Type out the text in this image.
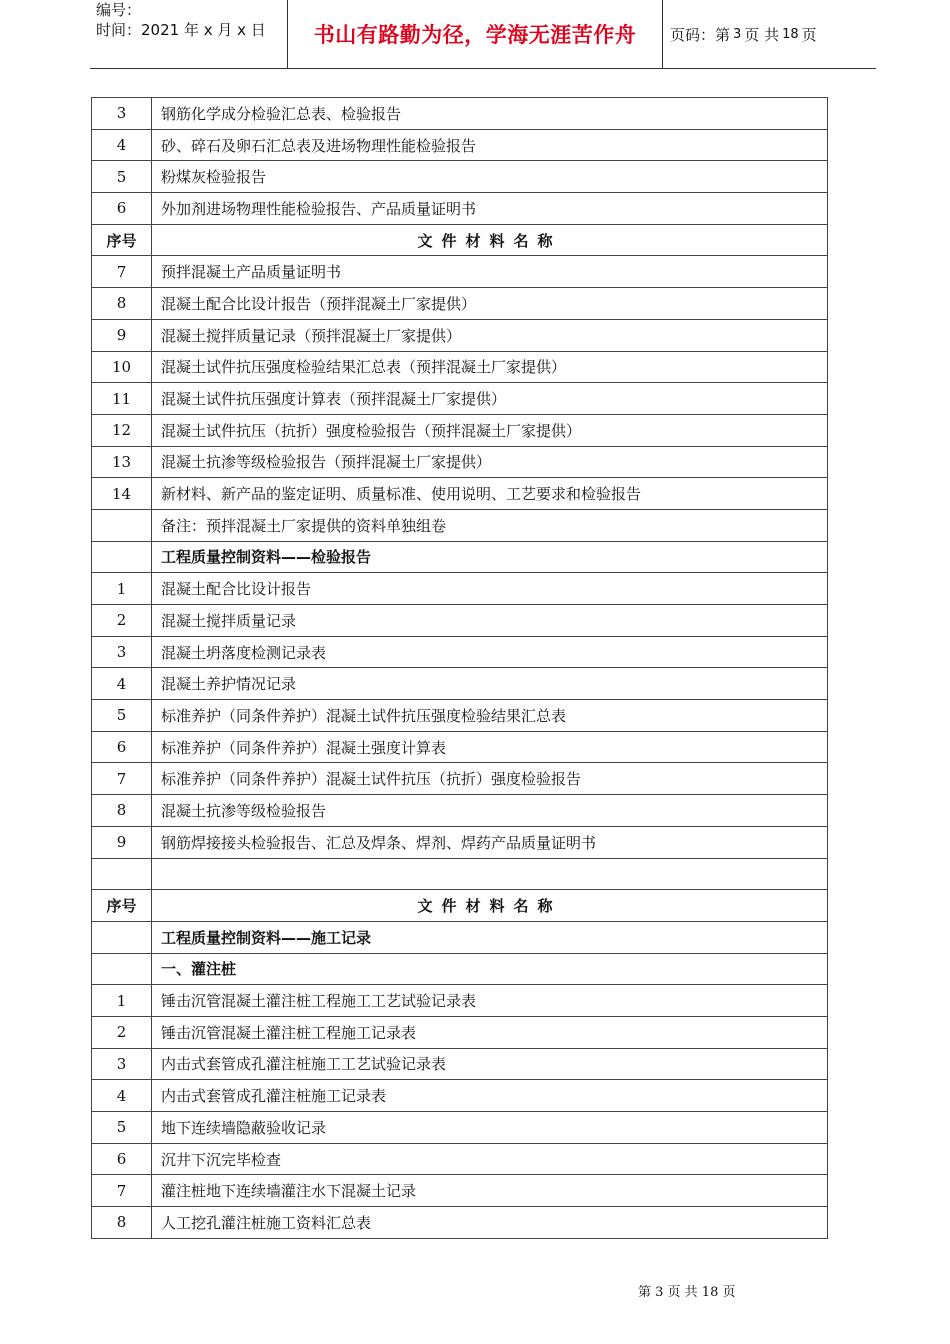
编号：
时间：2021 年 x 月 x 日	书山有路勤为径，学海无涯苦作舟 页码：第 3 页 共 18 页
3	钢筋化学成分检验汇总表、检验报告
4	砂、碎石及卵石汇总表及进场物理性能检验报告
5	粉煤灰检验报告
6	外加剂进场物理性能检验报告、产品质量证明书
序号	文件材料名称
7	预拌混凝土产品质量证明书
8	混凝土配合比设计报告（预拌混凝土厂家提供）
9	混凝土搅拌质量记录（预拌混凝土厂家提供）
10	混凝土试件抗压强度检验结果汇总表（预拌混凝土厂家提供）
11	混凝土试件抗压强度计算表（预拌混凝土厂家提供）
12	混凝土试件抗压（抗折）强度检验报告（预拌混凝土厂家提供）
13	混凝土抗渗等级检验报告（预拌混凝土厂家提供）
14	新材料、新产品的鉴定证明、质量标准、使用说明、工艺要求和检验报告
	备注：预拌混凝土厂家提供的资料单独组卷
	工程质量控制资料——检验报告
1	混凝土配合比设计报告
2	混凝土搅拌质量记录
3	混凝土坍落度检测记录表
4	混凝土养护情况记录
5	标准养护（同条件养护）混凝土试件抗压强度检验结果汇总表
6	标准养护（同条件养护）混凝土强度计算表
7	标准养护（同条件养护）混凝土试件抗压（抗折）强度检验报告
8	混凝土抗渗等级检验报告
9	钢筋焊接接头检验报告、汇总及焊条、焊剂、焊药产品质量证明书

序号	文件材料名称
	工程质量控制资料——施工记录
	一、灌注桩
1	锤击沉管混凝土灌注桩工程施工工艺试验记录表
2	锤击沉管混凝土灌注桩工程施工记录表
3	内击式套管成孔灌注桩施工工艺试验记录表
4	内击式套管成孔灌注桩施工记录表
5	地下连续墙隐蔽验收记录
6	沉井下沉完毕检查
7	灌注桩地下连续墙灌注水下混凝土记录
8	人工挖孔灌注桩施工资料汇总表
第 3 页 共 18 页
